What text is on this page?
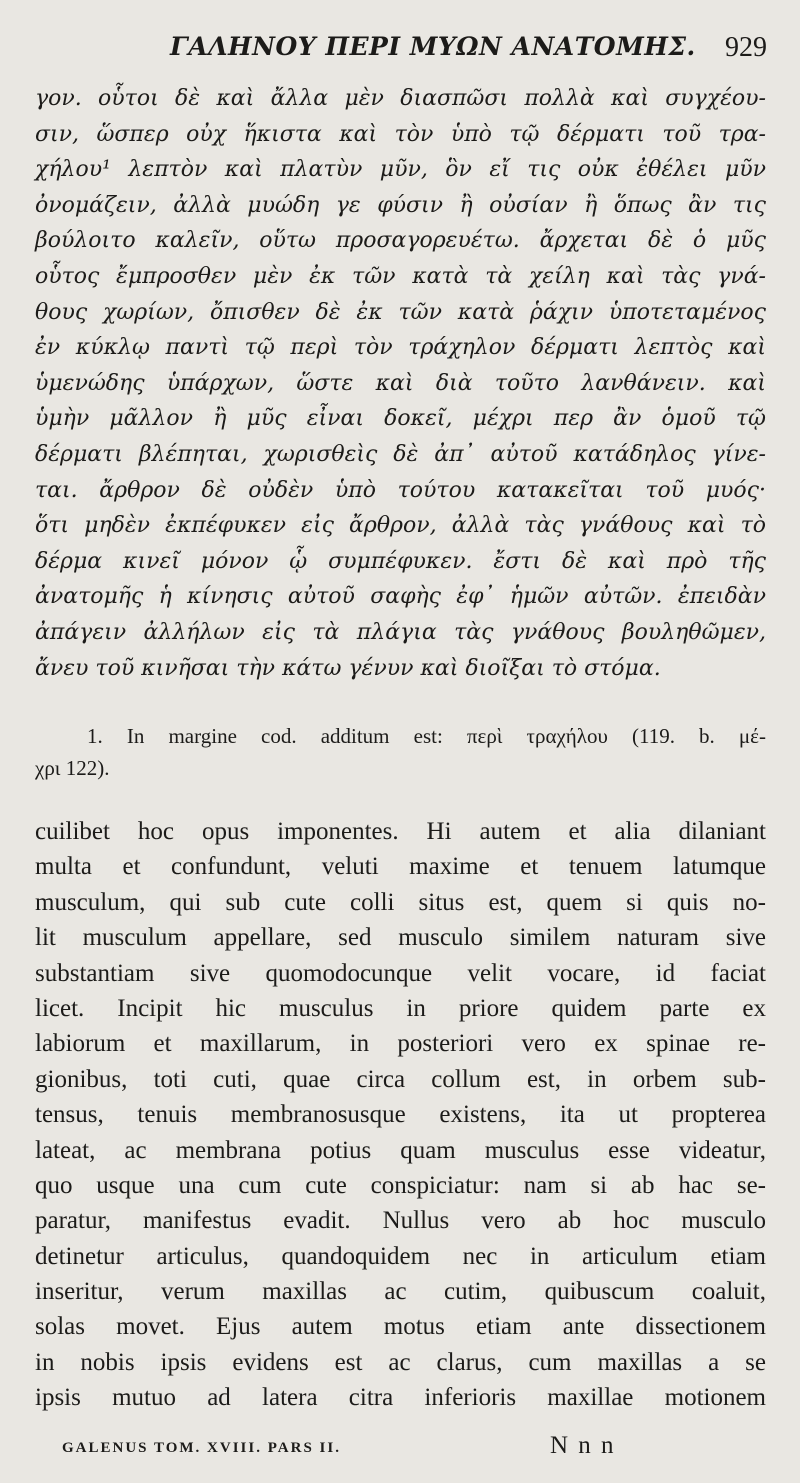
ΓΑΛΗΝΟΥ ΠΕΡΙ ΜΥΩΝ ΑΝΑΤΟΜΗΣ. 929
γον. οὗτοι δὲ καὶ ἄλλα μὲν διασπῶσι πολλὰ καὶ συγχέου-
σιν, ὥσπερ οὐχ ἥκιστα καὶ τὸν ὑπὸ τῷ δέρματι τοῦ τρα-
χήλου¹ λεπτὸν καὶ πλατὺν μῦν, ὃν εἴ τις οὐκ ἐθέλει μῦν
ὀνομάζειν, ἀλλὰ μυώδη γε φύσιν ἢ οὐσίαν ἢ ὅπως ἂν τις
βούλοιτο καλεῖν, οὕτω προσαγορευέτω. ἄρχεται δὲ ὁ μῦς
οὗτος ἔμπροσθεν μὲν ἐκ τῶν κατὰ τὰ χείλη καὶ τὰς γνά-
θους χωρίων, ὄπισθεν δὲ ἐκ τῶν κατὰ ῥάχιν ὑποτεταμένος
ἐν κύκλῳ παντὶ τῷ περὶ τὸν τράχηλον δέρματι λεπτὸς καὶ
ὑμενώδης ὑπάρχων, ὥστε καὶ διὰ τοῦτο λανθάνειν. καὶ
ὑμὴν μᾶλλον ἢ μῦς εἶναι δοκεῖ, μέχρι περ ἂν ὁμοῦ τῷ
δέρματι βλέπηται, χωρισθεὶς δὲ ἀπ᾽ αὐτοῦ κατάδηλος γίνε-
ται. ἄρθρον δὲ οὐδὲν ὑπὸ τούτου κατακεῖται τοῦ μυός·
ὅτι μηδὲν ἐκπέφυκεν εἰς ἄρθρον, ἀλλὰ τὰς γνάθους καὶ τὸ
δέρμα κινεῖ μόνον ᾧ συμπέφυκεν. ἔστι δὲ καὶ πρὸ τῆς
ἀνατομῆς ἡ κίνησις αὐτοῦ σαφὴς ἐφ᾽ ἡμῶν αὐτῶν. ἐπειδὰν
ἀπάγειν ἀλλήλων εἰς τὰ πλάγια τὰς γνάθους βουληθῶμεν,
ἄνευ τοῦ κινῆσαι τὴν κάτω γένυν καὶ διοῖξαι τὸ στόμα.
1. In margine cod. additum est: περὶ τραχήλου (119. b. μέ-
χρι 122).
cuilibet hoc opus imponentes. Hi autem et alia dilaniant
multa et confundunt, veluti maxime et tenuem latumque
musculum, qui sub cute colli situs est, quem si quis no-
lit musculum appellare, sed musculo similem naturam sive
substantiam sive quomodocunque velit vocare, id faciat
licet. Incipit hic musculus in priore quidem parte ex
labiorum et maxillarum, in posteriori vero ex spinae re-
gionibus, toti cuti, quae circa collum est, in orbem sub-
tensus, tenuis membranosusque existens, ita ut propterea
lateat, ac membrana potius quam musculus esse videatur,
quo usque una cum cute conspiciatur: nam si ab hac se-
paratur, manifestus evadit. Nullus vero ab hoc musculo
detinetur articulus, quandoquidem nec in articulum etiam
inseritur, verum maxillas ac cutim, quibuscum coaluit,
solas movet. Ejus autem motus etiam ante dissectionem
in nobis ipsis evidens est ac clarus, cum maxillas a se
ipsis mutuo ad latera citra inferioris maxillae motionem
GALENUS TOM. XVIII. PARS II.	N n n
